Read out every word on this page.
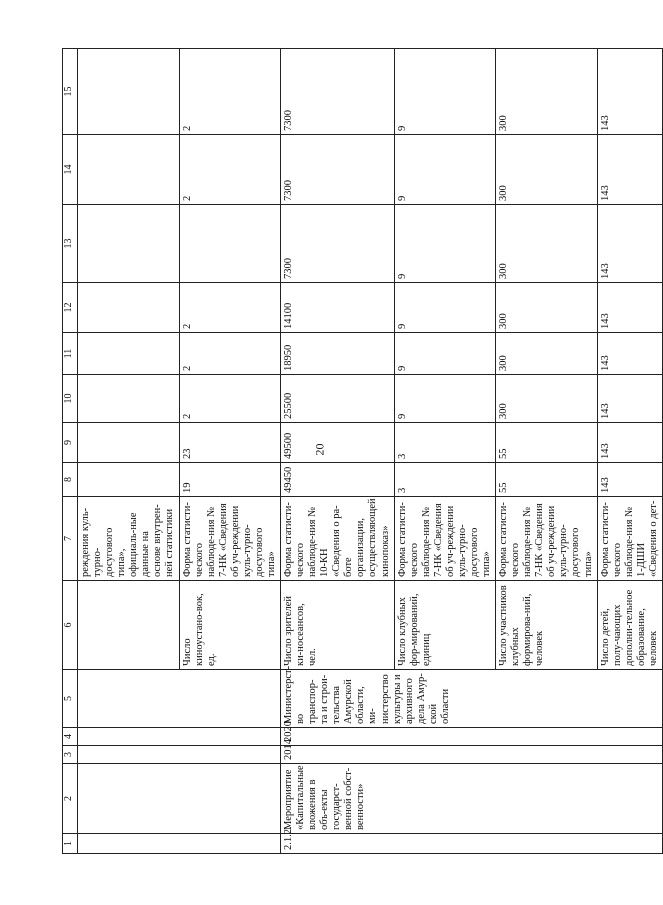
20
1	2	3	4	5	6	7	8	9	10	11	12	13	14	15
						реждения куль-турно-досугового типа», официаль-ные данные на основе внутрен-ней статистики								
					Число киноустано-вок, ед.	Форма статисти-ческого наблюде-ния № 7-НК «Сведения об уч-реждении куль-турно-досугового типа»	19	23	2	2	2		2	2
2.1.2.	Мероприятие «Капитальные вложения в объ-екты государст-венной собст-венности»	2014	2020	Министерст-во транспор-та и строи-тельства Амурской области, ми-нистерство культуры и архивного дела Амур-ской области	Число зрителей ки-носеансов, чел.	Форма статисти-ческого наблюде-ния № 10-КН «Сведения о ра-боте организации, осуществляющей кинопоказ»	49450	49500	25500	18950	14100	7300	7300	7300
					Число клубных фор-мирований, единиц	Форма статисти-ческого наблюде-ния № 7-НК «Сведения об уч-реждении куль-турно-досугового типа»	3	3	9	9	9	9	9	9
					Число участников клубных формирова-ний, человек	Форма статисти-ческого наблюде-ния № 7-НК «Сведения об уч-реждении куль-турно-досугового типа»	55	55	300	300	300	300	300	300
					Число детей, полу-чающих дополни-тельное образование, человек	Форма статисти-ческого наблюде-ния № 1-ДШИ «Сведения о дет-	143	143	143	143	143	143	143	143
